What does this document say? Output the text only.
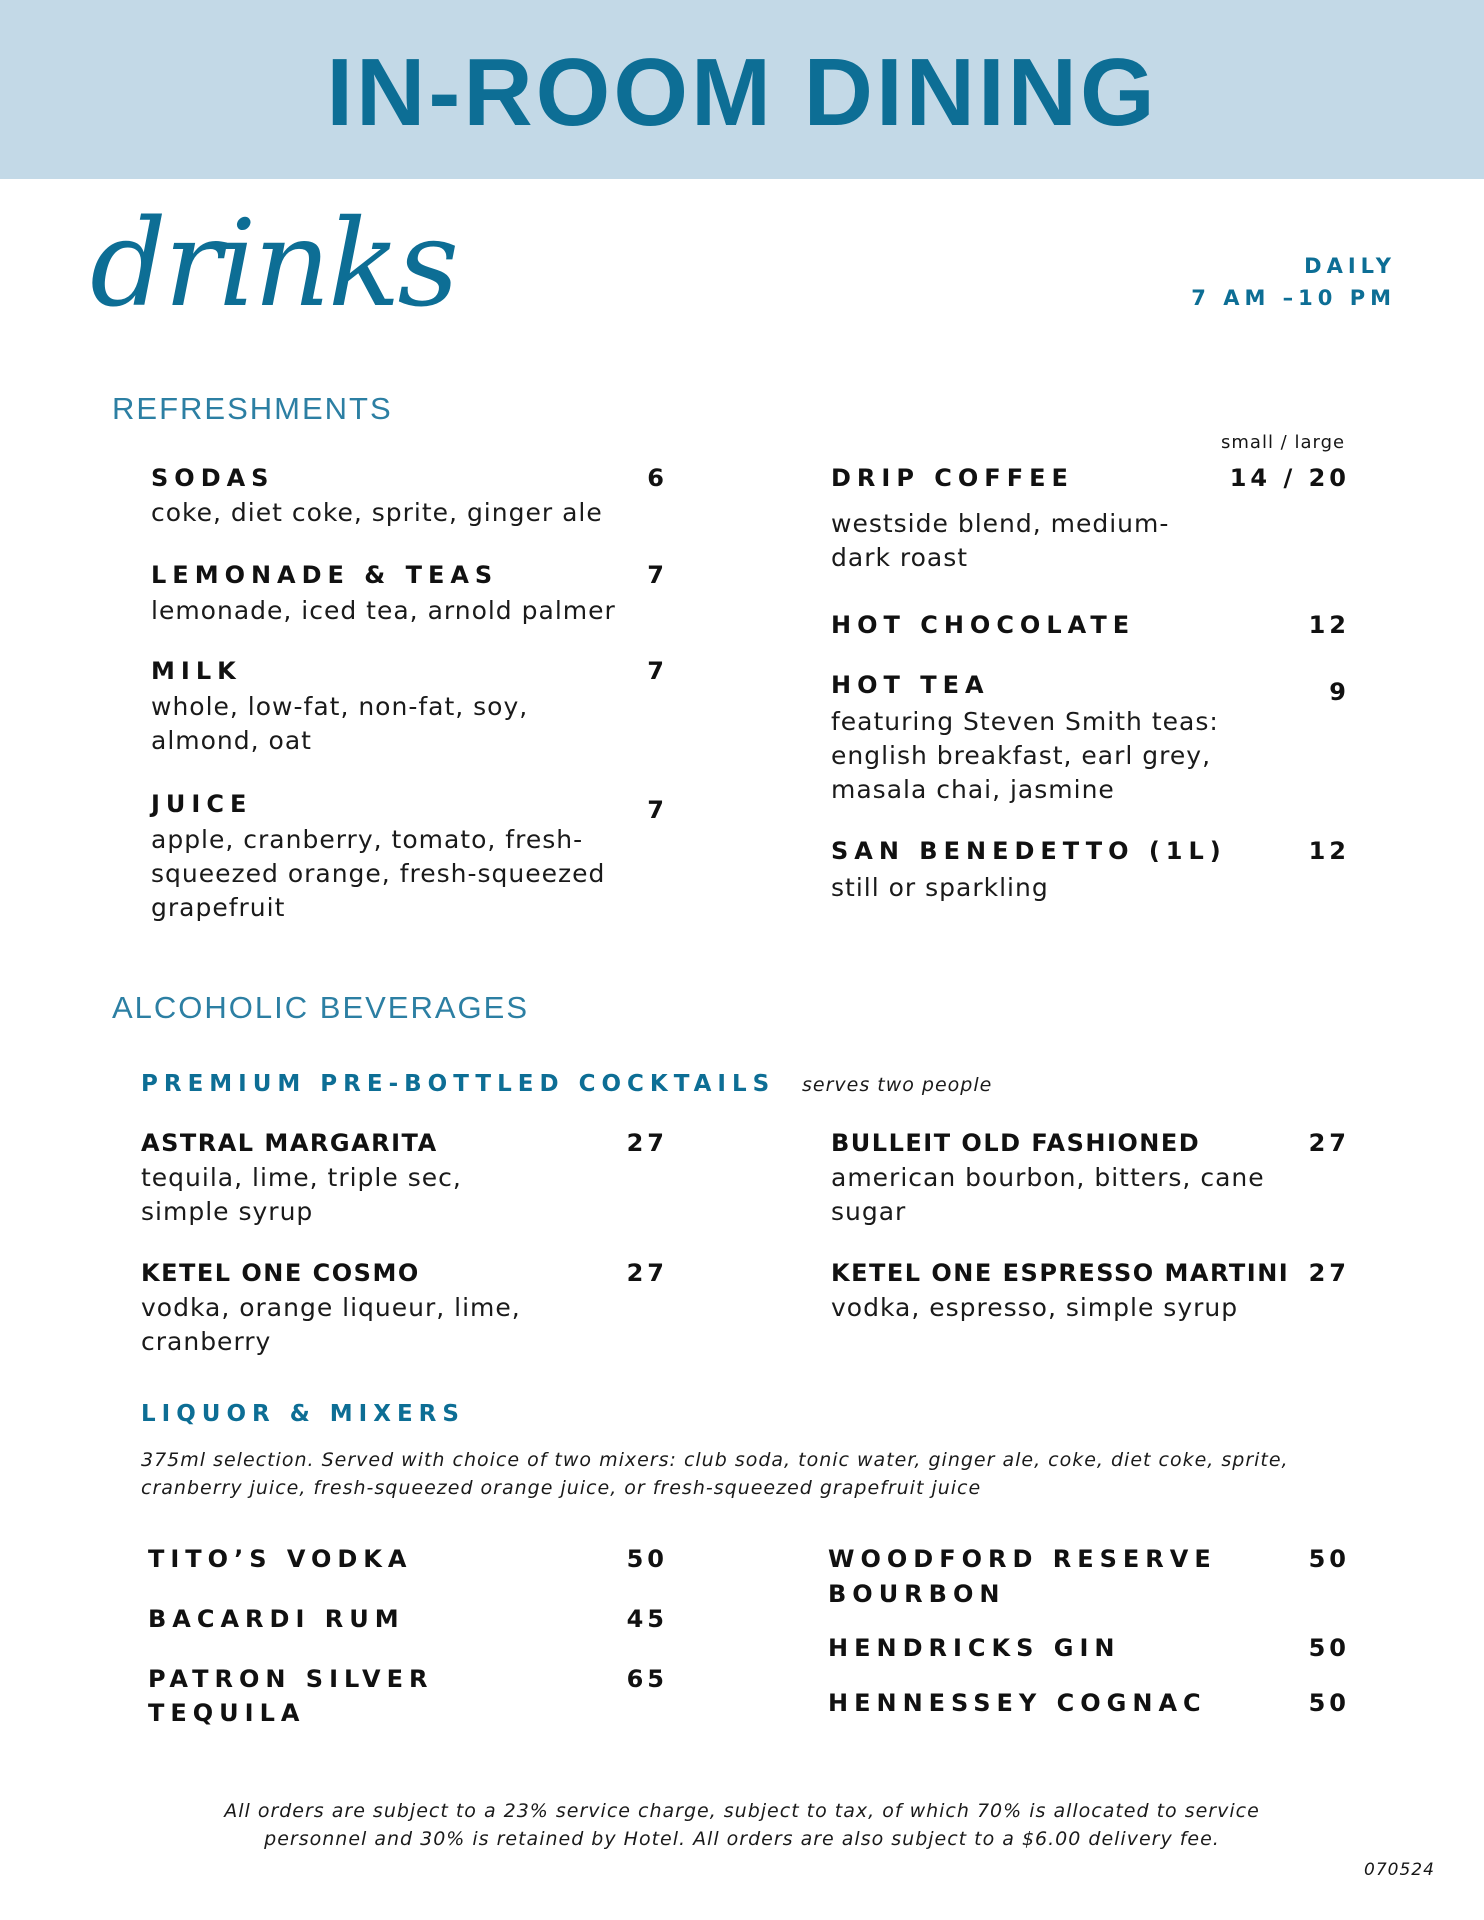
IN-ROOM DINING
drinks	DAILY
7 AM –10 PM
REFRESHMENTS
small / large
SODAS	6
coke, diet coke, sprite, ginger ale
LEMONADE & TEAS	7
lemonade, iced tea, arnold palmer
MILK	7
whole, low-fat, non-fat, soy,
almond, oat
JUICE	7
apple, cranberry, tomato, fresh-
squeezed orange, fresh-squeezed
grapefruit
DRIP COFFEE	14 / 20
westside blend, medium-
dark roast
HOT CHOCOLATE	12
HOT TEA	9
featuring Steven Smith teas:
english breakfast, earl grey,
masala chai, jasmine
SAN BENEDETTO (1L)	12
still or sparkling
ALCOHOLIC BEVERAGES
PREMIUM PRE-BOTTLED COCKTAILS serves two people
ASTRAL MARGARITA	27
tequila, lime, triple sec,
simple syrup
BULLEIT OLD FASHIONED	27
american bourbon, bitters, cane
sugar
KETEL ONE COSMO	27
vodka, orange liqueur, lime,
cranberry
KETEL ONE ESPRESSO MARTINI 27
vodka, espresso, simple syrup
LIQUOR & MIXERS
375ml selection. Served with choice of two mixers: club soda, tonic water, ginger ale, coke, diet coke, sprite,
cranberry juice, fresh-squeezed orange juice, or fresh-squeezed grapefruit juice
TITO’S VODKA	50
BACARDI RUM	45
PATRON SILVER
TEQUILA
65
WOODFORD RESERVE
BOURBON
50
HENDRICKS GIN	50
HENNESSEY COGNAC	50
All orders are subject to a 23% service charge, subject to tax, of which 70% is allocated to service
personnel and 30% is retained by Hotel. All orders are also subject to a $6.00 delivery fee.
070524
